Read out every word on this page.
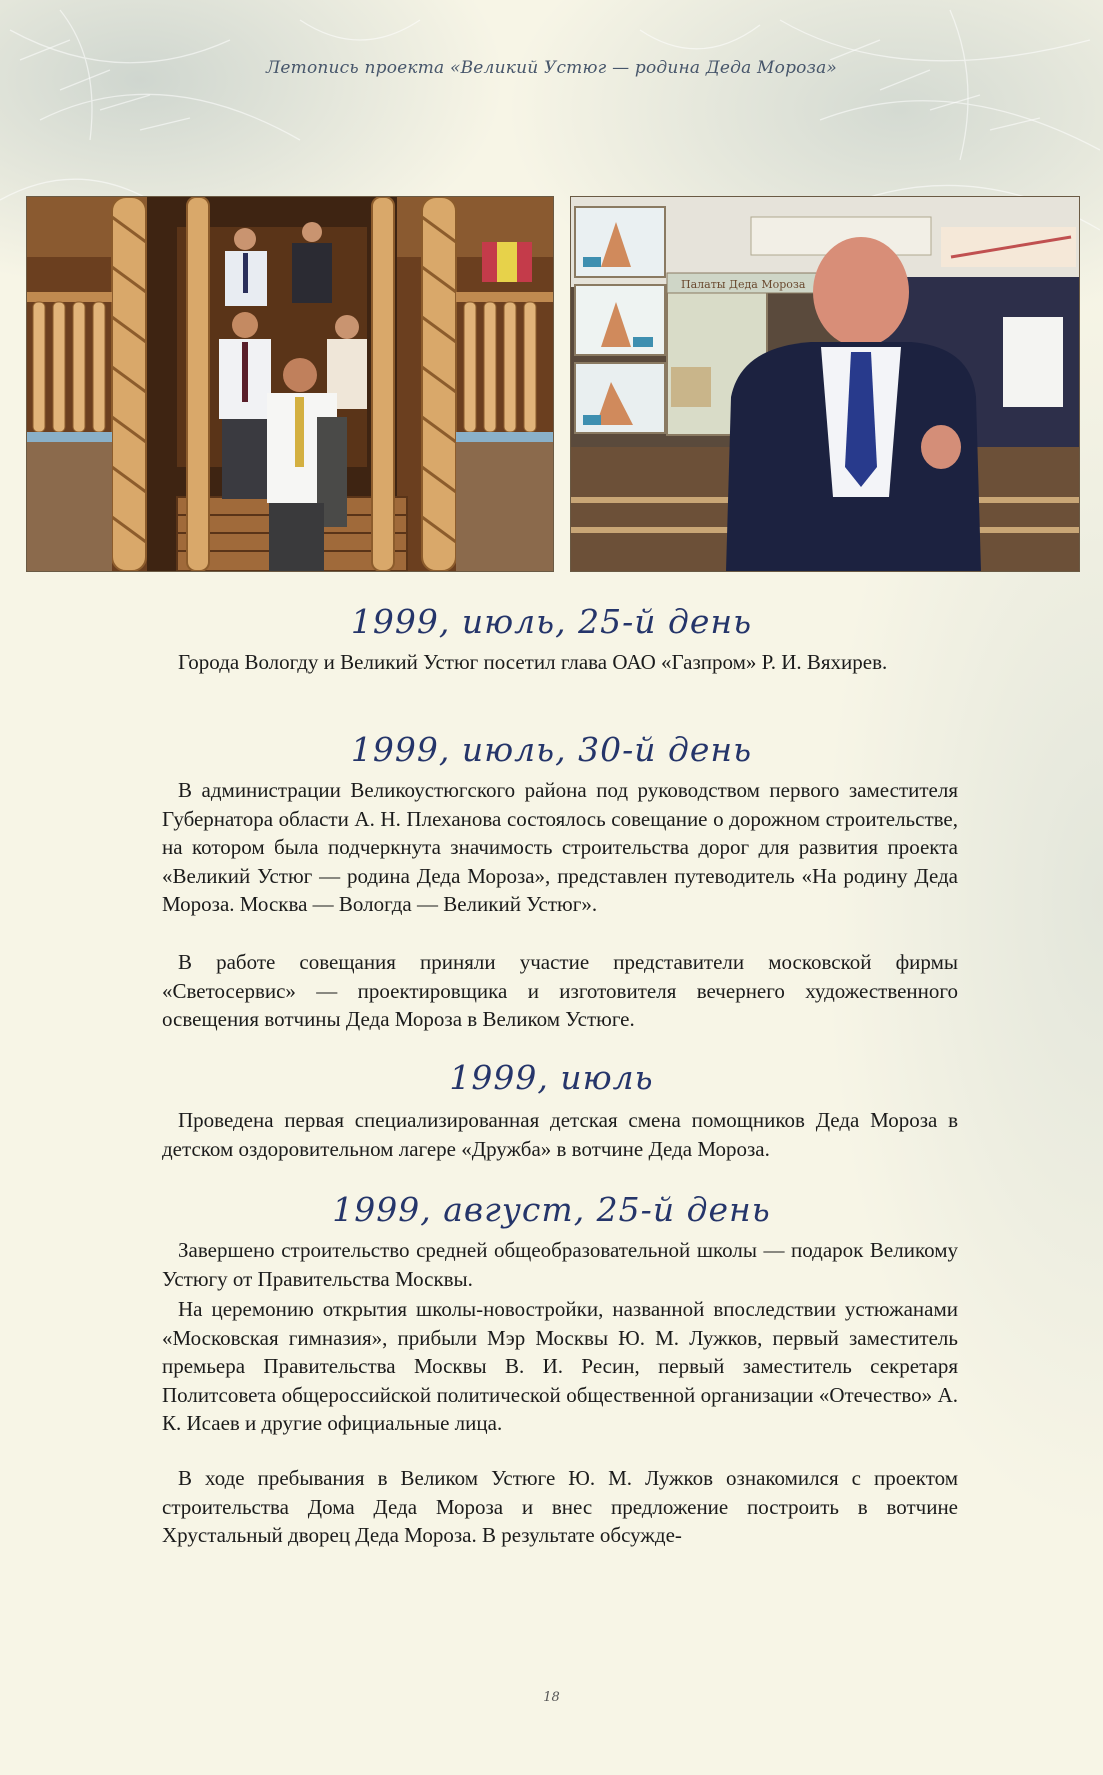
Летопись проекта «Великий Устюг — родина Деда Мороза»
Палаты Деда Мороза
1999, июль, 25-й день

Города Вологду и Великий Устюг посетил глава ОАО «Газпром» Р. И. Вяхирев.

1999, июль, 30-й день

В администрации Великоустюгского района под руководством первого заместителя Губернатора области А. Н. Плеханова состоялось совещание о дорожном строительстве, на котором была подчеркнута значимость строительства дорог для развития проекта «Великий Устюг — родина Деда Мороза», представлен путеводитель «На родину Деда Мороза. Москва — Вологда — Великий Устюг».

В работе совещания приняли участие представители московской фирмы «Светосервис» — проектировщика и изготовителя вечернего художественного освещения вотчины Деда Мороза в Великом Устюге.

1999, июль

Проведена первая специализированная детская смена помощников Деда Мороза в детском оздоровительном лагере «Дружба» в вотчине Деда Мороза.

1999, август, 25-й день

Завершено строительство средней общеобразовательной школы — подарок Великому Устюгу от Правительства Москвы.

На церемонию открытия школы-новостройки, названной впоследствии устюжанами «Московская гимназия», прибыли Мэр Москвы Ю. М. Лужков, первый заместитель премьера Правительства Москвы В. И. Ресин, первый заместитель секретаря Политсовета общероссийской политической общественной организации «Отечество» А. К. Исаев и другие официальные лица.

В ходе пребывания в Великом Устюге Ю. М. Лужков ознакомился с проектом строительства Дома Деда Мороза и внес предложение построить в вотчине Хрустальный дворец Деда Мороза. В результате обсужде-

18
